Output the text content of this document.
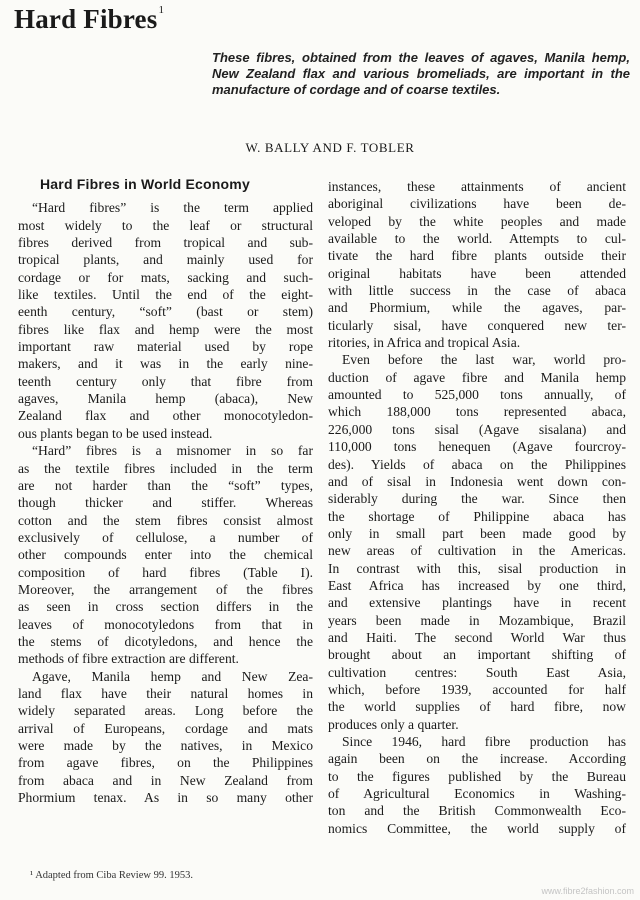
Hard Fibres$^1$
These fibres, obtained from the leaves of agaves, Manila hemp, New Zealand flax and various bromeliads, are important in the manufacture of cordage and of coarse textiles.
W. BALLY AND F. TOBLER
Hard Fibres in World Economy
“Hard fibres” is the term applied
most widely to the leaf or structural
fibres derived from tropical and sub-
tropical plants, and mainly used for
cordage or for mats, sacking and such-
like textiles. Until the end of the eight-
eenth century, “soft” (bast or stem)
fibres like flax and hemp were the most
important raw material used by rope
makers, and it was in the early nine-
teenth century only that fibre from
agaves, Manila hemp (abaca), New
Zealand flax and other monocotyledon-
ous plants began to be used instead.
“Hard” fibres is a misnomer in so far
as the textile fibres included in the term
are not harder than the “soft” types,
though thicker and stiffer. Whereas
cotton and the stem fibres consist almost
exclusively of cellulose, a number of
other compounds enter into the chemical
composition of hard fibres (Table I).
Moreover, the arrangement of the fibres
as seen in cross section differs in the
leaves of monocotyledons from that in
the stems of dicotyledons, and hence the
methods of fibre extraction are different.
Agave, Manila hemp and New Zea-
land flax have their natural homes in
widely separated areas. Long before the
arrival of Europeans, cordage and mats
were made by the natives, in Mexico
from agave fibres, on the Philippines
from abaca and in New Zealand from
Phormium tenax. As in so many other
instances, these attainments of ancient
aboriginal civilizations have been de-
veloped by the white peoples and made
available to the world. Attempts to cul-
tivate the hard fibre plants outside their
original habitats have been attended
with little success in the case of abaca
and Phormium, while the agaves, par-
ticularly sisal, have conquered new ter-
ritories, in Africa and tropical Asia.
Even before the last war, world pro-
duction of agave fibre and Manila hemp
amounted to 525,000 tons annually, of
which 188,000 tons represented abaca,
226,000 tons sisal (Agave sisalana) and
110,000 tons henequen (Agave fourcroy-
des). Yields of abaca on the Philippines
and of sisal in Indonesia went down con-
siderably during the war. Since then
the shortage of Philippine abaca has
only in small part been made good by
new areas of cultivation in the Americas.
In contrast with this, sisal production in
East Africa has increased by one third,
and extensive plantings have in recent
years been made in Mozambique, Brazil
and Haiti. The second World War thus
brought about an important shifting of
cultivation centres: South East Asia,
which, before 1939, accounted for half
the world supplies of hard fibre, now
produces only a quarter.
Since 1946, hard fibre production has
again been on the increase. According
to the figures published by the Bureau
of Agricultural Economics in Washing-
ton and the British Commonwealth Eco-
nomics Committee, the world supply of
¹ Adapted from Ciba Review 99. 1953.
www.fibre2fashion.com
